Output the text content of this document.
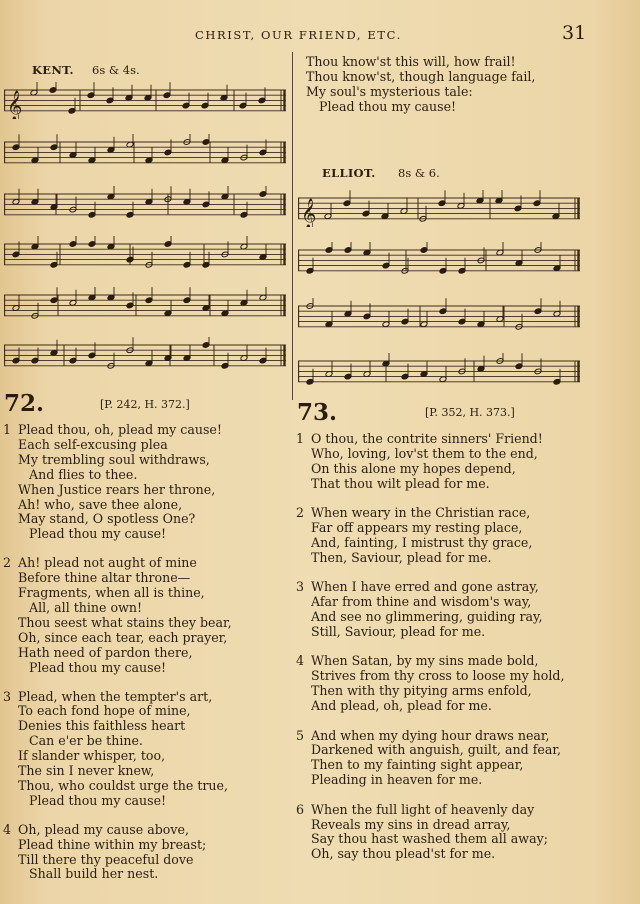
CHRIST, OUR FRIEND, ETC.	31
KENT. 6s & 4s.
𝄞
Thou know'st this will, how frail!
Thou know'st, though language fail,
My soul's mysterious tale:
Plead thou my cause!
ELLIOT. 8s & 6.
𝄞
72.	[P. 242, H. 372.]
1 Plead thou, oh, plead my cause!
Each self-excusing plea
My trembling soul withdraws,
And flies to thee.
When Justice rears her throne,
Ah! who, save thee alone,
May stand, O spotless One?
Plead thou my cause!
2 Ah! plead not aught of mine
Before thine altar throne—
Fragments, when all is thine,
All, all thine own!
Thou seest what stains they bear,
Oh, since each tear, each prayer,
Hath need of pardon there,
Plead thou my cause!
3 Plead, when the tempter's art,
To each fond hope of mine,
Denies this faithless heart
Can e'er be thine.
If slander whisper, too,
The sin I never knew,
Thou, who couldst urge the true,
Plead thou my cause!
4 Oh, plead my cause above,
Plead thine within my breast;
Till there thy peaceful dove
Shall build her nest.
73.	[P. 352, H. 373.]
1 O thou, the contrite sinners' Friend!
Who, loving, lov'st them to the end,
On this alone my hopes depend,
That thou wilt plead for me.
2 When weary in the Christian race,
Far off appears my resting place,
And, fainting, I mistrust thy grace,
Then, Saviour, plead for me.
3 When I have erred and gone astray,
Afar from thine and wisdom's way,
And see no glimmering, guiding ray,
Still, Saviour, plead for me.
4 When Satan, by my sins made bold,
Strives from thy cross to loose my hold,
Then with thy pitying arms enfold,
And plead, oh, plead for me.
5 And when my dying hour draws near,
Darkened with anguish, guilt, and fear,
Then to my fainting sight appear,
Pleading in heaven for me.
6 When the full light of heavenly day
Reveals my sins in dread array,
Say thou hast washed them all away;
Oh, say thou plead'st for me.
